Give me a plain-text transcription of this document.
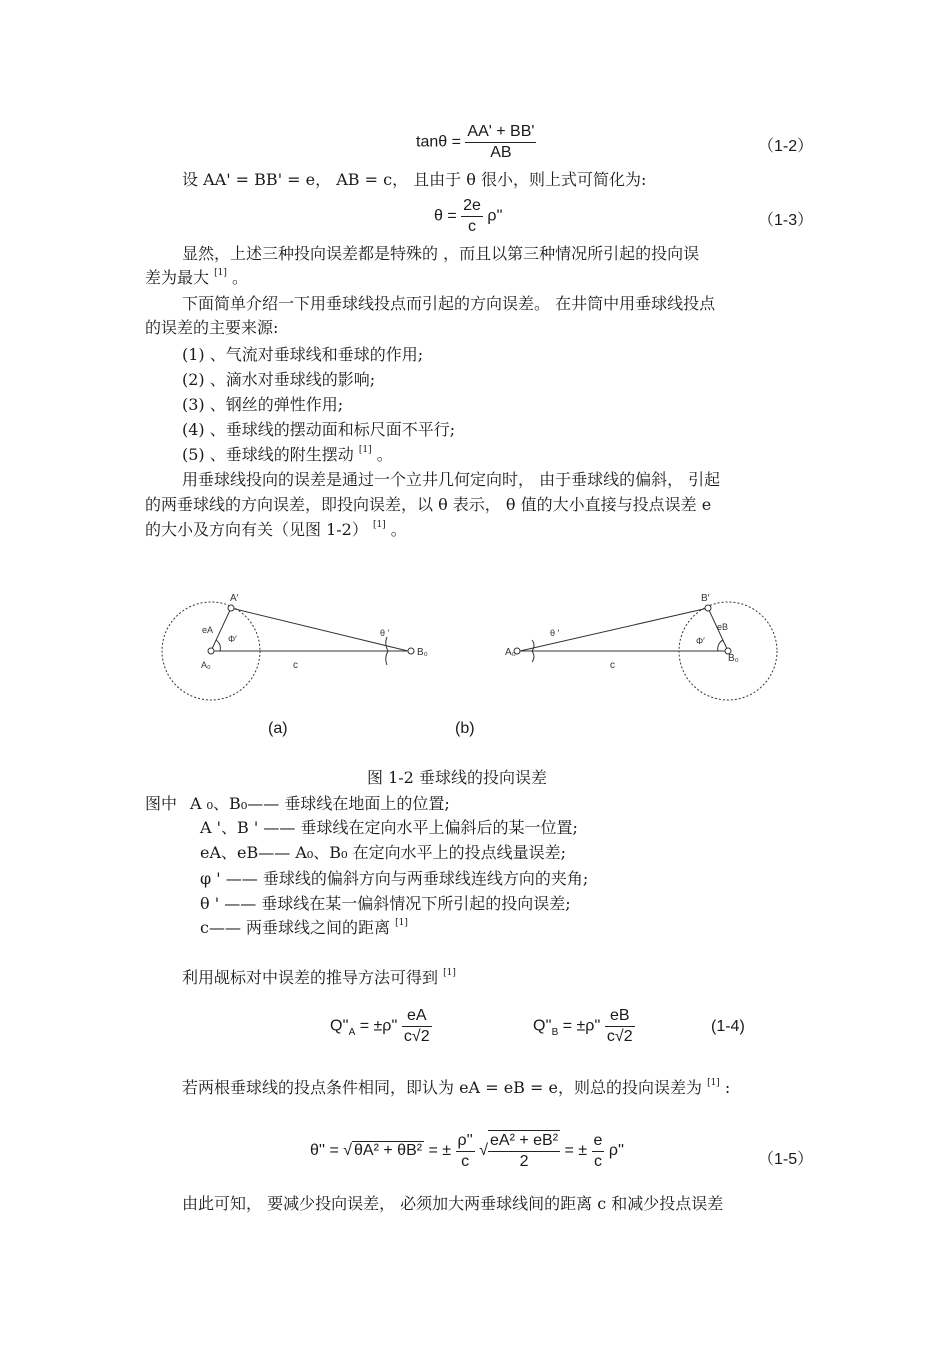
$\tan\theta = \frac{AA' + BB'}{AB}$	（1-2）
设 AA' = BB' = e， AB = c， 且由于 θ 很小，则上式可简化为:
$\theta = \frac{2e}{c} \rho''$	（1-3）
显然，上述三种投向误差都是特殊的 ，而且以第三种情况所引起的投向误
差为最大 [1] 。
下面简单介绍一下用垂球线投点而引起的方向误差。 在井筒中用垂球线投点
的误差的主要来源:
(1) 、气流对垂球线和垂球的作用;
(2) 、滴水对垂球线的影响;
(3) 、钢丝的弹性作用;
(4) 、垂球线的摆动面和标尺面不平行;
(5) 、垂球线的附生摆动 [1] 。
用垂球线投向的误差是通过一个立井几何定向时， 由于垂球线的偏斜， 引起
的两垂球线的方向误差，即投向误差，以 θ 表示， θ 值的大小直接与投点误差 e
的大小及方向有关（见图 1-2） [1] 。
A′
eA
Φ′
A₀	c
θ ′
B₀
B′
eB
Φ′
A₀
c
θ ′
B₀
(a)	(b)
图 1-2 垂球线的投向误差
图中 A ₀、B₀—— 垂球线在地面上的位置;
A '、B ' —— 垂球线在定向水平上偏斜后的某一位置;
eA、eB—— A₀、B₀ 在定向水平上的投点线量误差;
φ ' —— 垂球线的偏斜方向与两垂球线连线方向的夹角;
θ ' —— 垂球线在某一偏斜情况下所引起的投向误差;
c—— 两垂球线之间的距离 [1]
利用觇标对中误差的推导方法可得到 [1]
$Q''_A = \pm\rho'' \frac{eA}{c√2}$	$Q''_B = \pm\rho'' \frac{eB}{c√2}$	(1-4)
若两根垂球线的投点条件相同，即认为 eA = eB = e，则总的投向误差为 [1] :
θ'' = √ θA² + θB² = ± $\frac{\rho''}{c}$ √ $\frac{\text{eA² + eB²}}{2}$ = ± $\frac{e}{c} \rho''$
（1-5）
由此可知， 要减少投向误差， 必须加大两垂球线间的距离 c 和减少投点误差
